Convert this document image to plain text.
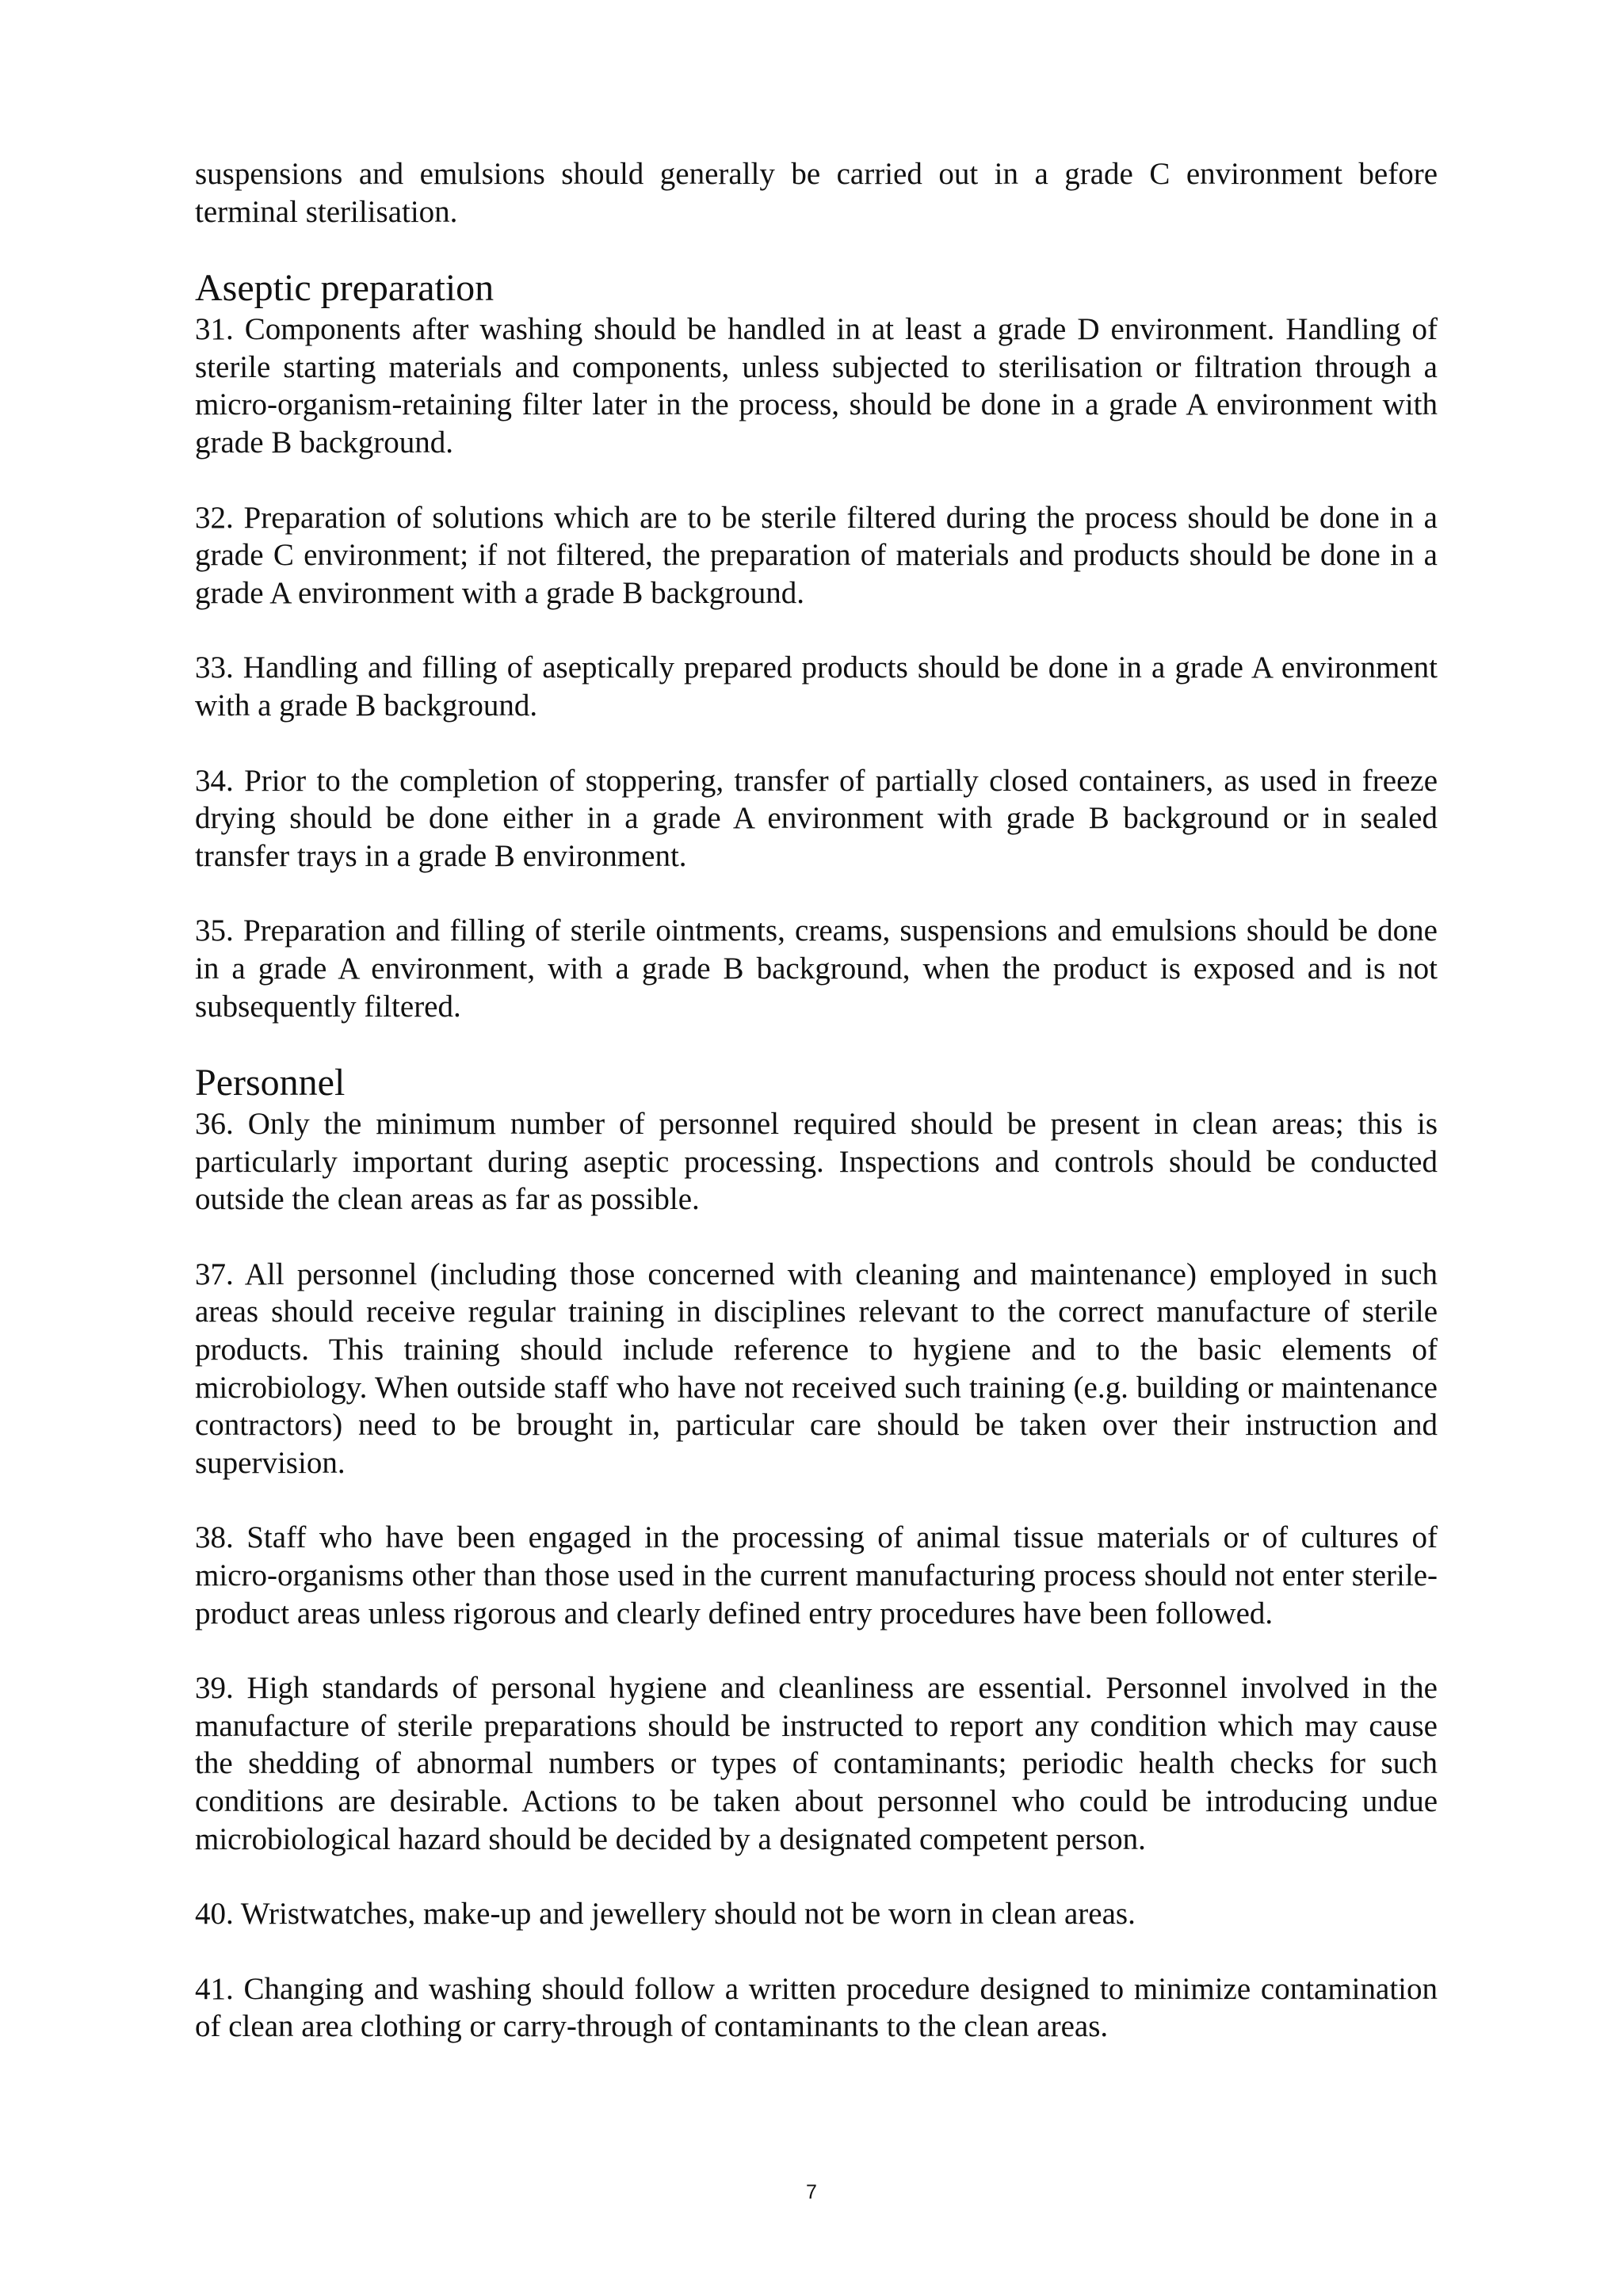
suspensions and emulsions should generally be carried out in a grade C environment before terminal sterilisation.

Aseptic preparation

31. Components after washing should be handled in at least a grade D environment. Handling of sterile starting materials and components, unless subjected to sterilisation or filtration through a micro-organism-retaining filter later in the process, should be done in a grade A environment with grade B background.

32. Preparation of solutions which are to be sterile filtered during the process should be done in a grade C environment; if not filtered, the preparation of materials and products should be done in a grade A environment with a grade B background.

33. Handling and filling of aseptically prepared products should be done in a grade A environment with a grade B background.

34. Prior to the completion of stoppering, transfer of partially closed containers, as used in freeze drying should be done either in a grade A environment with grade B background or in sealed transfer trays in a grade B environment.

35. Preparation and filling of sterile ointments, creams, suspensions and emulsions should be done in a grade A environment, with a grade B background, when the product is exposed and is not subsequently filtered.

Personnel

36. Only the minimum number of personnel required should be present in clean areas; this is particularly important during aseptic processing. Inspections and controls should be conducted outside the clean areas as far as possible.

37. All personnel (including those concerned with cleaning and maintenance) employed in such areas should receive regular training in disciplines relevant to the correct manufacture of sterile products. This training should include reference to hygiene and to the basic elements of microbiology. When outside staff who have not received such training (e.g. building or maintenance contractors) need to be brought in, particular care should be taken over their instruction and supervision.

38. Staff who have been engaged in the processing of animal tissue materials or of cultures of micro-organisms other than those used in the current manufacturing process should not enter sterile-product areas unless rigorous and clearly defined entry procedures have been followed.

39. High standards of personal hygiene and cleanliness are essential. Personnel involved in the manufacture of sterile preparations should be instructed to report any condition which may cause the shedding of abnormal numbers or types of contaminants; periodic health checks for such conditions are desirable. Actions to be taken about personnel who could be introducing undue microbiological hazard should be decided by a designated competent person.

40. Wristwatches, make-up and jewellery should not be worn in clean areas.

41. Changing and washing should follow a written procedure designed to minimize contamination of clean area clothing or carry-through of contaminants to the clean areas.

7
